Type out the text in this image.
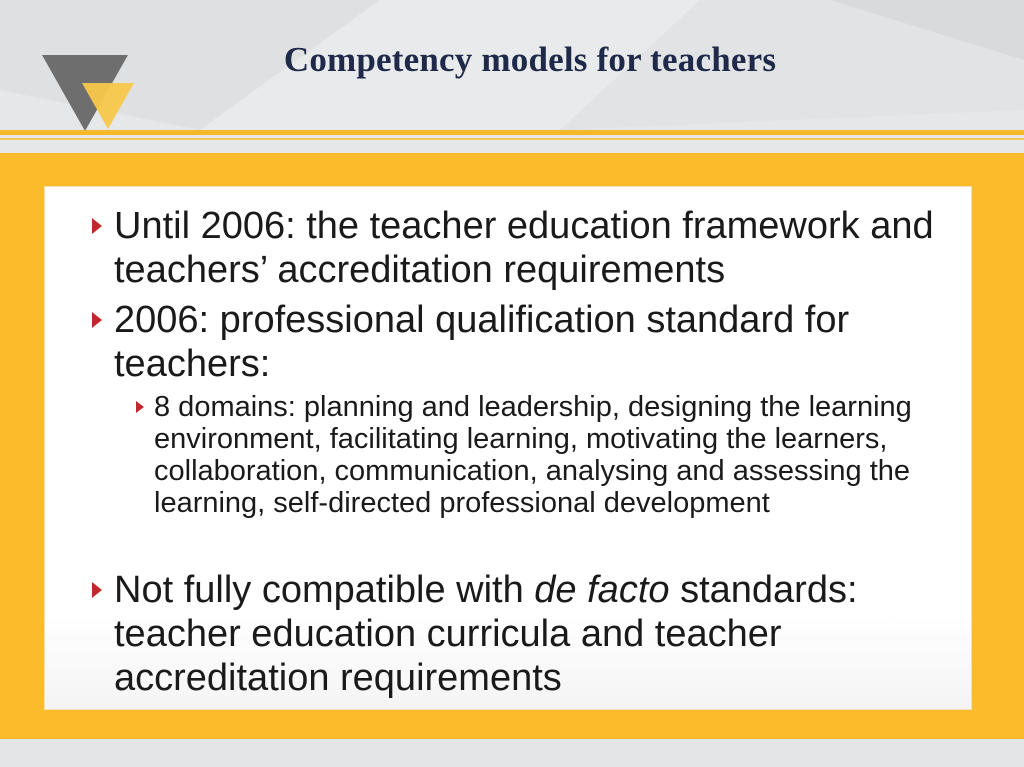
Competency models for teachers
Until 2006: the teacher education framework and teachers’ accreditation requirements
2006: professional qualification standard for teachers:
8 domains: planning and leadership, designing the learning environment, facilitating learning, motivating the learners, collaboration, communication, analysing and assessing the learning, self-directed professional development
Not fully compatible with de facto standards: teacher education curricula and teacher accreditation requirements
